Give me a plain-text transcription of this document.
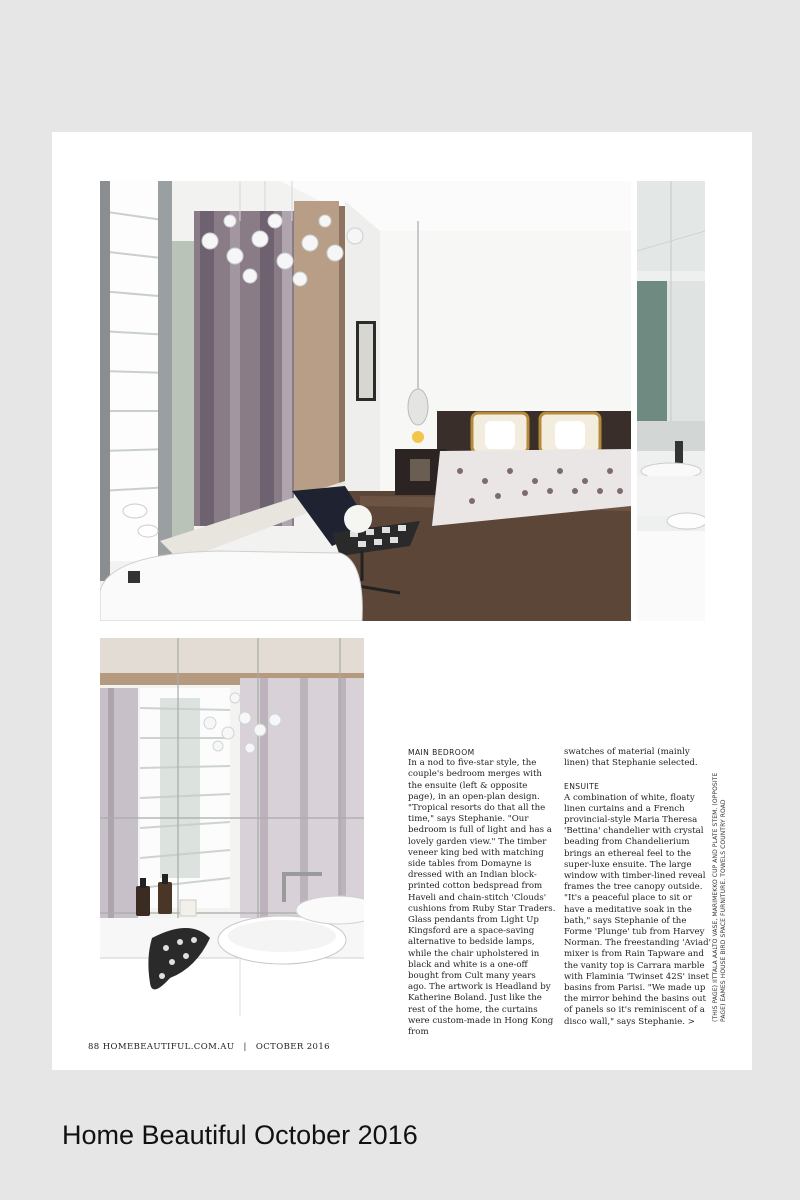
MAIN BEDROOM

In a nod to five-star style, the couple's bedroom merges with the ensuite (left & opposite page), in an open-plan design. "Tropical resorts do that all the time," says Stephanie. "Our bedroom is full of light and has a lovely garden view." The timber veneer king bed with matching side tables from Domayne is dressed with an Indian block-printed cotton bedspread from Haveli and chain-stitch 'Clouds' cushions from Ruby Star Traders. Glass pendants from Light Up Kingsford are a space-saving alternative to bedside lamps, while the chair upholstered in black and white is a one-off bought from Cult many years ago. The artwork is Headland by Katherine Boland. Just like the rest of the home, the curtains were custom-made in Hong Kong from

swatches of material (mainly linen) that Stephanie selected.

ENSUITE

A combination of white, floaty linen curtains and a French provincial-style Maria Theresa 'Bettina' chandelier with crystal beading from Chandelierium brings an ethereal feel to the super-luxe ensuite. The large window with timber-lined reveal frames the tree canopy outside. "It's a peaceful place to sit or have a meditative soak in the bath," says Stephanie of the Forme 'Plunge' tub from Harvey Norman. The freestanding 'Aviad' mixer is from Rain Tapware and the vanity top is Carrara marble with Flaminia 'Twinset 42S' inset basins from Parisi. "We made up the mirror behind the basins out of panels so it's reminiscent of a disco wall," says Stephanie. >	(THIS PAGE) IITTALA AALTO VASE, MARIMEKKO CUP AND PLATE STEM. (OPPOSITE PAGE) EAMES HOUSE BIRD SPACE FURNITURE. TOWELS COUNTRY ROAD
88 HOMEBEAUTIFUL.COM.AU | OCTOBER 2016
Home Beautiful October 2016
